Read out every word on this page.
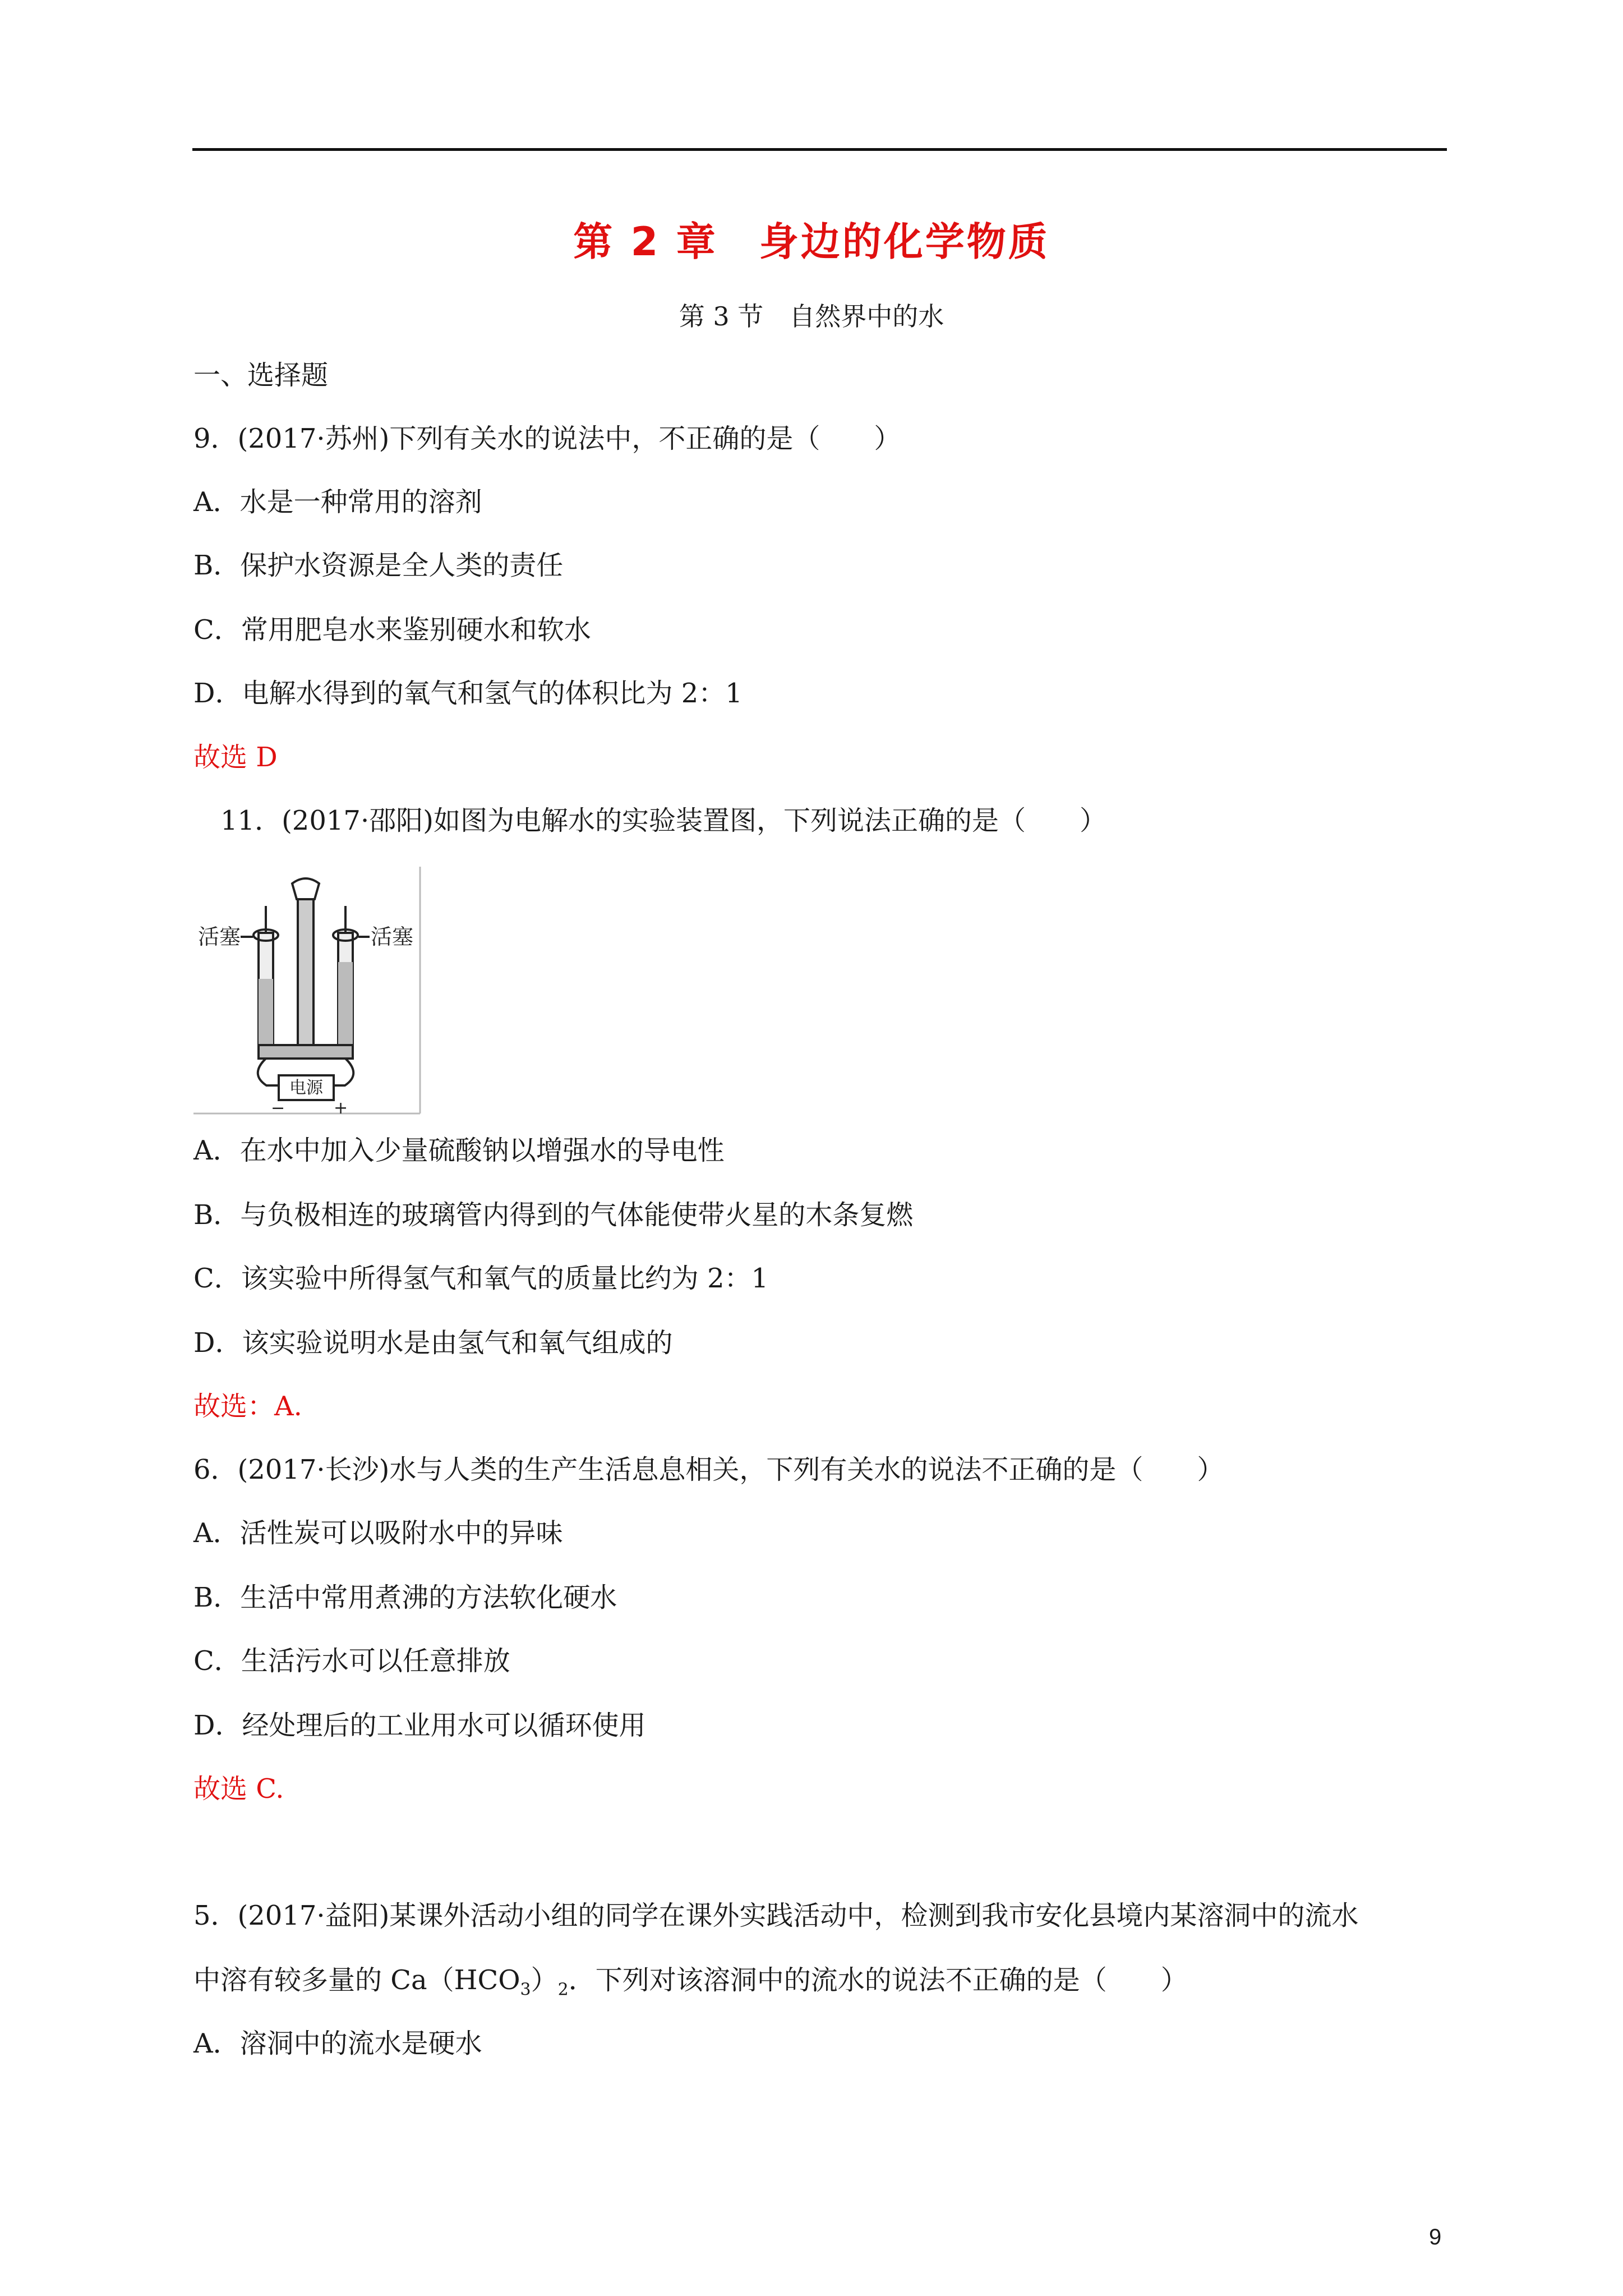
第 2 章　身边的化学物质
第 3 节　自然界中的水
一、选择题
9．(2017·苏州)下列有关水的说法中，不正确的是（　　）
A．水是一种常用的溶剂
B．保护水资源是全人类的责任
C．常用肥皂水来鉴别硬水和软水
D．电解水得到的氧气和氢气的体积比为 2：1
故选 D
11．(2017·邵阳)如图为电解水的实验装置图，下列说法正确的是（　　）
电源
−	+
活塞	活塞
A．在水中加入少量硫酸钠以增强水的导电性
B．与负极相连的玻璃管内得到的气体能使带火星的木条复燃
C．该实验中所得氢气和氧气的质量比约为 2：1
D．该实验说明水是由氢气和氧气组成的
故选：A.
6．(2017·长沙)水与人类的生产生活息息相关，下列有关水的说法不正确的是（　　）
A．活性炭可以吸附水中的异味
B．生活中常用煮沸的方法软化硬水
C．生活污水可以任意排放
D．经处理后的工业用水可以循环使用
故选 C.
5．(2017·益阳)某课外活动小组的同学在课外实践活动中，检测到我市安化县境内某溶洞中的流水
中溶有较多量的 $Ca(HCO_3)_2$．下列对该溶洞中的流水的说法不正确的是（　　）
A．溶洞中的流水是硬水
9
